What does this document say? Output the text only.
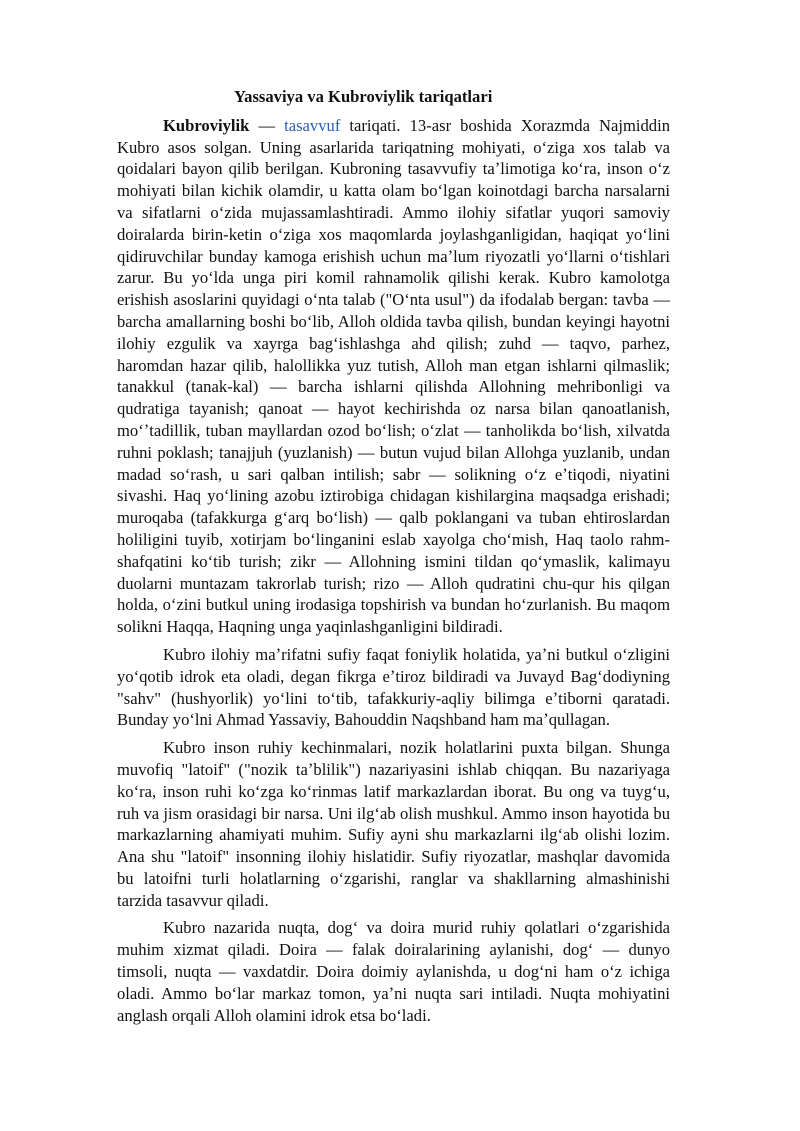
Yassaviya va Kubroviylik tariqatlari

Kubroviylik — tasavvuf tariqati. 13-asr boshida Xorazmda Najmiddin Kubro asos solgan. Uning asarlarida tariqatning mohiyati, oʻziga xos talab va qoidalari bayon qilib berilgan. Kubroning tasavvufiy taʼlimotiga koʻra, inson oʻz mohiyati bilan kichik olamdir, u katta olam boʻlgan koinotdagi barcha narsalarni va sifatlarni oʻzida mujassamlashtiradi. Ammo ilohiy sifatlar yuqori samoviy doiralarda birin-ketin oʻziga xos maqomlarda joylashganligidan, haqiqat yoʻlini qidiruvchilar bunday kamoga erishish uchun maʼlum riyozatli yoʻllarni oʻtishlari zarur. Bu yoʻlda unga piri komil rahnamolik qilishi kerak. Kubro kamolotga erishish asoslarini quyidagi oʻnta talab ("Oʻnta usul") da ifodalab bergan: tavba — barcha amallarning boshi boʻlib, Alloh oldida tavba qilish, bundan keyingi hayotni ilohiy ezgulik va xayrga bagʻishlashga ahd qilish; zuhd — taqvo, parhez, haromdan hazar qilib, halollikka yuz tutish, Alloh man etgan ishlarni qilmaslik; tanakkul (tanak-kal) — barcha ishlarni qilishda Allohning mehribonligi va qudratiga tayanish; qanoat — hayot kechirishda oz narsa bilan qanoatlanish, moʻʼtadillik, tuban mayllardan ozod boʻlish; oʻzlat — tanholikda boʻlish, xilvatda ruhni poklash; tanajjuh (yuzlanish) — butun vujud bilan Allohga yuzlanib, undan madad soʻrash, u sari qalban intilish; sabr — solikning oʻz eʼtiqodi, niyatini sivashi. Haq yoʻlining azobu iztirobiga chidagan kishilargina maqsadga erishadi; muroqaba (tafakkurga gʻarq boʻlish) — qalb poklangani va tuban ehtiroslardan holiligini tuyib, xotirjam boʻlinganini eslab xayolga choʻmish, Haq taolo rahm-shafqatini koʻtib turish; zikr — Allohning ismini tildan qoʻymaslik, kalimayu duolarni muntazam takrorlab turish; rizo — Alloh qudratini chu-qur his qilgan holda, oʻzini butkul uning irodasiga topshirish va bundan hoʻzurlanish. Bu maqom solikni Haqqa, Haqning unga yaqinlashganligini bildiradi.

Kubro ilohiy maʼrifatni sufiy faqat foniylik holatida, yaʼni butkul oʻzligini yoʻqotib idrok eta oladi, degan fikrga eʼtiroz bildiradi va Juvayd Bagʻdodiyning "sahv" (hushyorlik) yoʻlini toʻtib, tafakkuriy-aqliy bilimga eʼtiborni qaratadi. Bunday yoʻlni Ahmad Yassaviy, Bahouddin Naqshband ham maʼqullagan.

Kubro inson ruhiy kechinmalari, nozik holatlarini puxta bilgan. Shunga muvofiq "latoif" ("nozik taʼblilik") nazariyasini ishlab chiqqan. Bu nazariyaga koʻra, inson ruhi koʻzga koʻrinmas latif markazlardan iborat. Bu ong va tuygʻu, ruh va jism orasidagi bir narsa. Uni ilgʻab olish mushkul. Ammo inson hayotida bu markazlarning ahamiyati muhim. Sufiy ayni shu markazlarni ilgʻab olishi lozim. Ana shu "latoif" insonning ilohiy hislatidir. Sufiy riyozatlar, mashqlar davomida bu latoifni turli holatlarning oʻzgarishi, ranglar va shakllarning almashinishi tarzida tasavvur qiladi.

Kubro nazarida nuqta, dogʻ va doira murid ruhiy qolatlari oʻzgarishida muhim xizmat qiladi. Doira — falak doiralarining aylanishi, dogʻ — dunyo timsoli, nuqta — vaxdatdir. Doira doimiy aylanishda, u dogʻni ham oʻz ichiga oladi. Ammo boʻlar markaz tomon, yaʼni nuqta sari intiladi. Nuqta mohiyatini anglash orqali Alloh olamini idrok etsa boʻladi.
